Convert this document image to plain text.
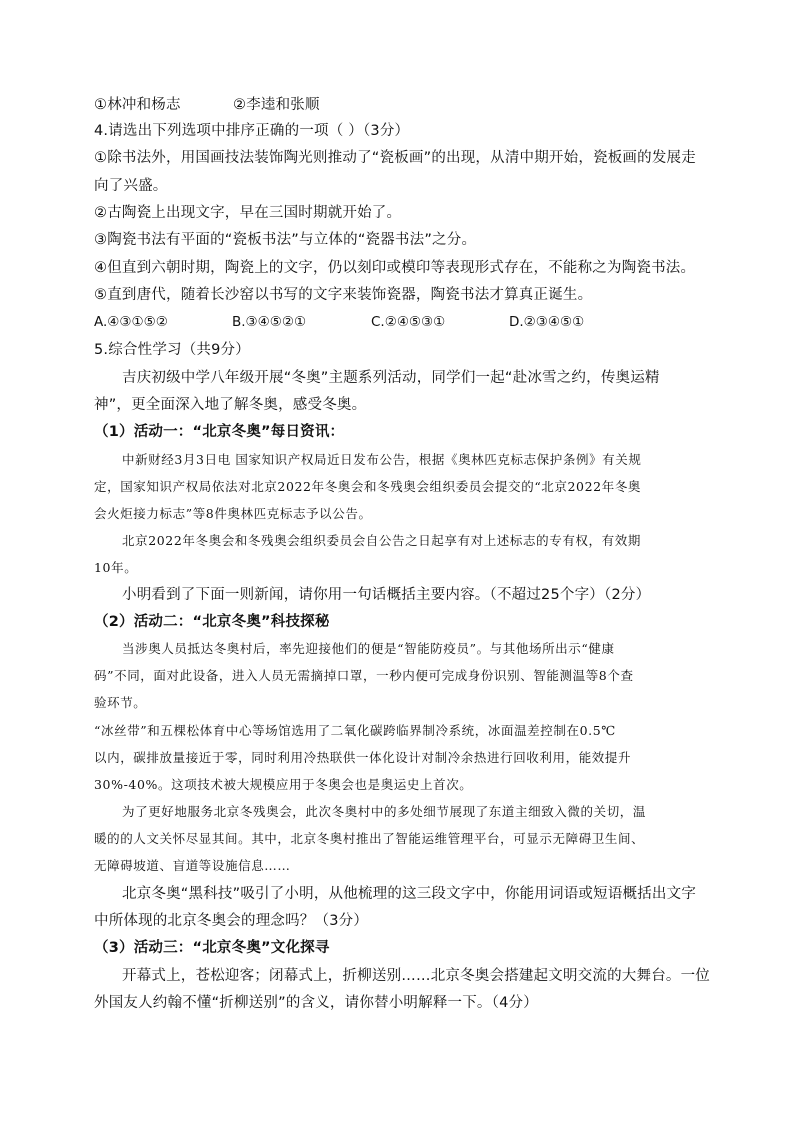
①林冲和杨志	②李逵和张顺
4.请选出下列选项中排序正确的一项（ ）（3分）
①除书法外，用国画技法装饰陶光则推动了“瓷板画”的出现，从清中期开始，瓷板画的发展走
向了兴盛。
②古陶瓷上出现文字，早在三国时期就开始了。
③陶瓷书法有平面的“瓷板书法”与立体的“瓷器书法”之分。
④但直到六朝时期，陶瓷上的文字，仍以刻印或模印等表现形式存在，不能称之为陶瓷书法。
⑤直到唐代，随着长沙窑以书写的文字来装饰瓷器，陶瓷书法才算真正诞生。
A.④③①⑤②	B.③④⑤②①	C.②④⑤③①	D.②③④⑤①
5.综合性学习（共9分）
吉庆初级中学八年级开展“冬奥”主题系列活动，同学们一起“赴冰雪之约，传奥运精
神”，更全面深入地了解冬奥，感受冬奥。
（1）活动一：“北京冬奥”每日资讯：
中新财经3月3日电 国家知识产权局近日发布公告，根据《奥林匹克标志保护条例》有关规
定，国家知识产权局依法对北京2022年冬奥会和冬残奥会组织委员会提交的“北京2022年冬奥
会火炬接力标志”等8件奥林匹克标志予以公告。
北京2022年冬奥会和冬残奥会组织委员会自公告之日起享有对上述标志的专有权，有效期
10年。
小明看到了下面一则新闻，请你用一句话概括主要内容。（不超过25个字）（2分）
（2）活动二：“北京冬奥”科技探秘
当涉奥人员抵达冬奥村后，率先迎接他们的便是“智能防疫员”。与其他场所出示“健康
码”不同，面对此设备，进入人员无需摘掉口罩，一秒内便可完成身份识别、智能测温等8个查
验环节。
“冰丝带”和五棵松体育中心等场馆选用了二氧化碳跨临界制冷系统，冰面温差控制在0.5℃
以内，碳排放量接近于零，同时利用冷热联供一体化设计对制冷余热进行回收利用，能效提升
30%-40%。这项技术被大规模应用于冬奥会也是奥运史上首次。
为了更好地服务北京冬残奥会，此次冬奥村中的多处细节展现了东道主细致入微的关切，温
暖的的人文关怀尽显其间。其中，北京冬奥村推出了智能运维管理平台，可显示无障碍卫生间、
无障碍坡道、盲道等设施信息……
北京冬奥“黑科技”吸引了小明，从他梳理的这三段文字中，你能用词语或短语概括出文字
中所体现的北京冬奥会的理念吗？（3分）
（3）活动三：“北京冬奥”文化探寻
开幕式上，苍松迎客；闭幕式上，折柳送别……北京冬奥会搭建起文明交流的大舞台。一位
外国友人约翰不懂“折柳送别”的含义，请你替小明解释一下。（4分）
